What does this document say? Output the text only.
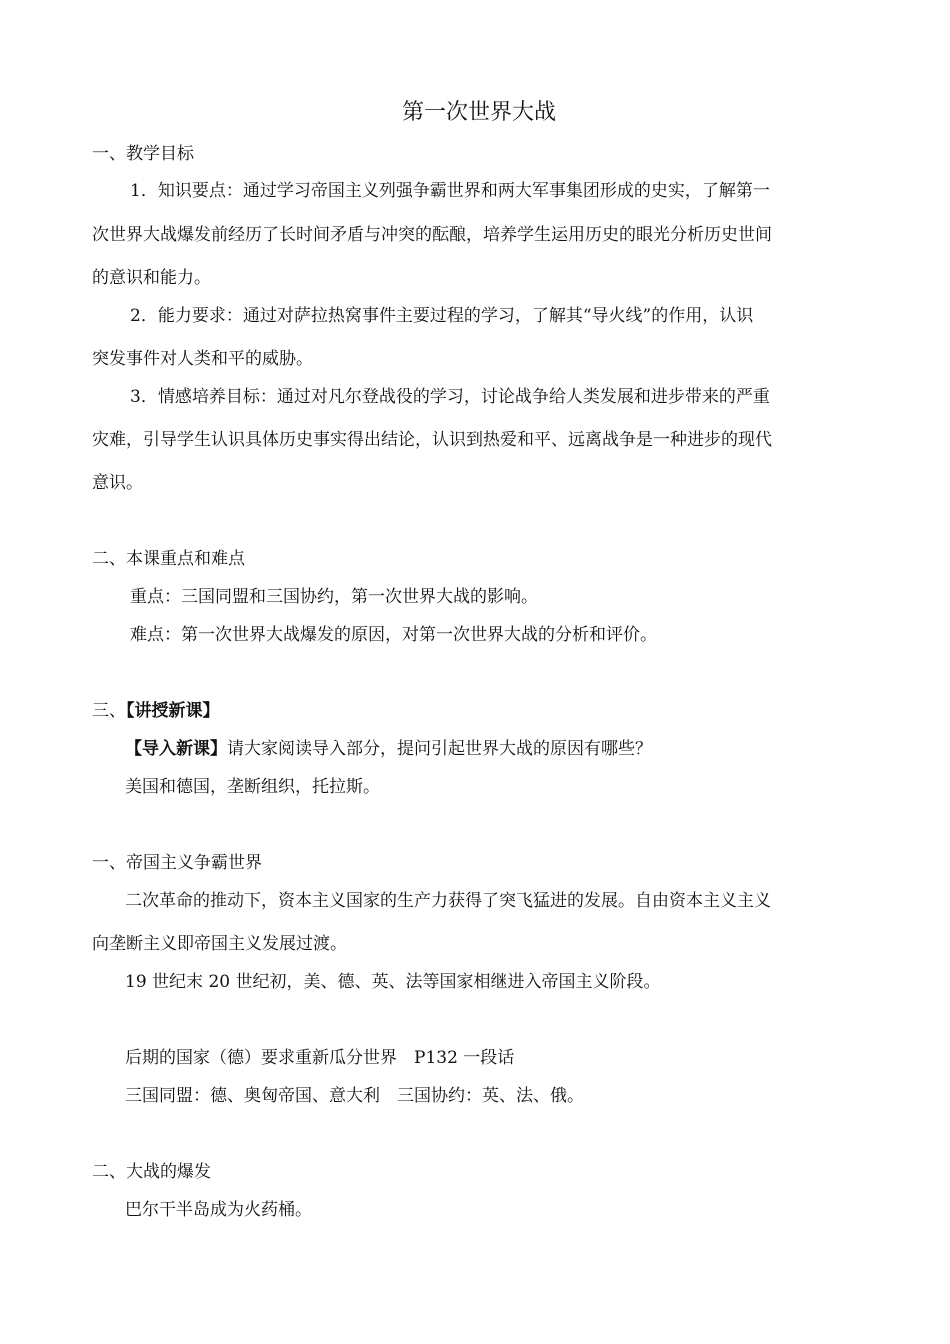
第一次世界大战
一、教学目标
1．知识要点：通过学习帝国主义列强争霸世界和两大军事集团形成的史实，了解第一
次世界大战爆发前经历了长时间矛盾与冲突的酝酿，培养学生运用历史的眼光分析历史世间
的意识和能力。
2．能力要求：通过对萨拉热窝事件主要过程的学习，了解其“导火线”的作用，认识
突发事件对人类和平的威胁。
3．情感培养目标：通过对凡尔登战役的学习，讨论战争给人类发展和进步带来的严重
灾难，引导学生认识具体历史事实得出结论，认识到热爱和平、远离战争是一种进步的现代
意识。
二、本课重点和难点
重点：三国同盟和三国协约，第一次世界大战的影响。
难点：第一次世界大战爆发的原因，对第一次世界大战的分析和评价。
三、【讲授新课】
【导入新课】请大家阅读导入部分，提问引起世界大战的原因有哪些？
美国和德国，垄断组织，托拉斯。
一、帝国主义争霸世界
二次革命的推动下，资本主义国家的生产力获得了突飞猛进的发展。自由资本主义主义
向垄断主义即帝国主义发展过渡。
19 世纪末 20 世纪初，美、德、英、法等国家相继进入帝国主义阶段。
后期的国家（德）要求重新瓜分世界　P132 一段话
三国同盟：德、奥匈帝国、意大利　三国协约：英、法、俄。
二、大战的爆发
巴尔干半岛成为火药桶。
